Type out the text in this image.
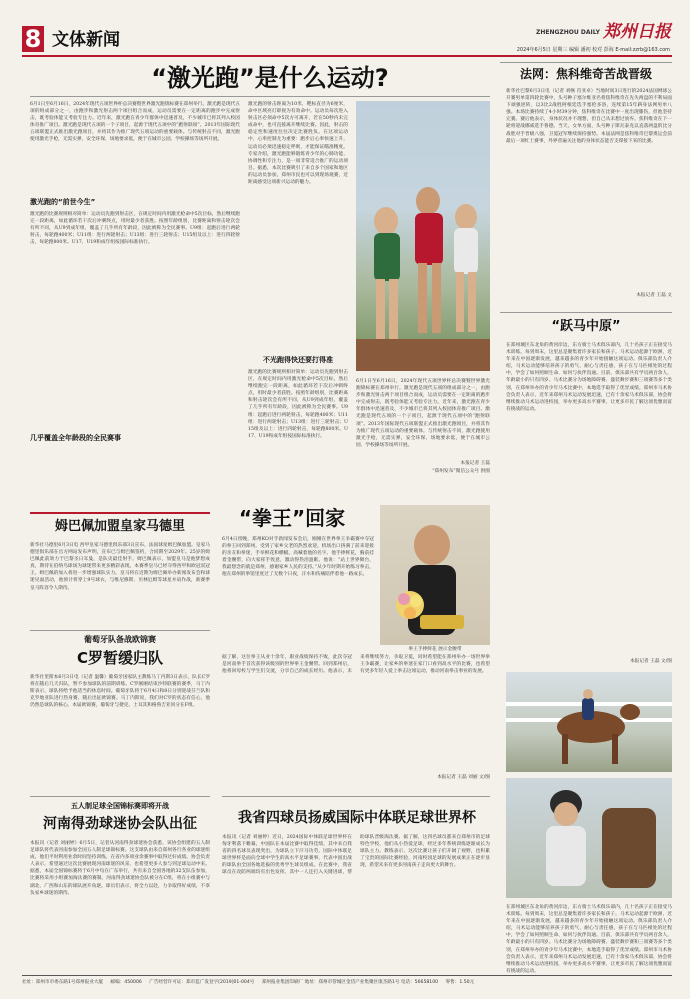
8 文体新闻	ZHENGZHOU DAILY 郑州日报
2024年6月5日 星期三 编辑 潘初 校对 彭海 E-mail:zzrb@163.com
“激光跑”是什么运动?
6月1日至6月16日，2024年现代五项世界杯总决赛暨世界激光跑锦标赛在郑州举行。激光跑是现代五项的组成部分之一，由跑步和激光射击两个项目组合而成，运动员需要在一定距离的跑步中完成射击，既考验体能又考验专注力。近年来，激光跑在青少年群体中迅速普及，不少城市已将其列入校园体育推广项目。激光跑是现代五项的一个子项目，起源于现代五项中的“跑射联项”。2013年国际现代五项联盟正式推出激光跑项目，并将其作为推广现代五项运动的重要载体。与传统射击不同，激光跑使用激光手枪，无需实弹，安全环保，场地要求低，便于在城市公园、学校操场等场所开展。
激光跑的“前世今生”
激光跑的比赛规则相对简单：运动员先跑到射击区，在规定时间内用激光枪命中5次目标，然后继续跑完一段距离，如此循环若干次后冲刺终点，用时最少者获胜。按照年龄组别，比赛距离和射击轮次会有所不同，从U9到成年组，覆盖了几乎所有年龄段，因此被称为全民赛事。U9组：起跑后进行两轮射击，每轮跑400米；U11组：进行两轮射击；U13组：进行三轮射击；U15组及以上：进行四轮射击，每轮跑800米。U17、U19和成年组按国际标准执行。
几乎覆盖全年龄段的全民赛事
激光跑的射击距离为10米，靶标直径为6厘米，命中区域亮灯即视为有效命中。运动员每次进入射击区必须命中5次方可离开，若在50秒内未完成命中，也可直接离开继续比赛。因此，射击的稳定性和速度往往决定比赛胜负。在这项运动中，心率控制尤为重要：跑步后心率快速上升，运动员必须迅速稳定呼吸，才能保证瞄准精度。专家介绍，激光跑能够锻炼青少年的心肺功能、协调性和专注力，是一项非常适合推广的运动项目。据悉，本次比赛吸引了来自多个国家和地区的运动员参加，郑州市民也可以到现场观赛，近距离感受这项新兴运动的魅力。
不光跑得快还要打得准
激光跑的比赛规则相对简单：运动员先跑到射击区，在规定时间内用激光枪命中5次目标，然后继续跑完一段距离，如此循环若干次后冲刺终点，用时最少者获胜。按照年龄组别，比赛距离和射击轮次会有所不同，从U9到成年组，覆盖了几乎所有年龄段，因此被称为全民赛事。U9组：起跑后进行两轮射击，每轮跑400米；U11组：进行两轮射击；U13组：进行三轮射击；U15组及以上：进行四轮射击，每轮跑800米。U17、U19和成年组按国际标准执行。
6月1日至6月16日，2024年现代五项世界杯总决赛暨世界激光跑锦标赛在郑州举行。激光跑是现代五项的组成部分之一，由跑步和激光射击两个项目组合而成，运动员需要在一定距离的跑步中完成射击，既考验体能又考验专注力。近年来，激光跑在青少年群体中迅速普及，不少城市已将其列入校园体育推广项目。激光跑是现代五项的一个子项目，起源于现代五项中的“跑射联项”。2013年国际现代五项联盟正式推出激光跑项目，并将其作为推广现代五项运动的重要载体。与传统射击不同，激光跑使用激光手枪，无需实弹，安全环保，场地要求低，便于在城市公园、学校操场等场所开展。
本报记者 王磊
“郑州发布”微信公众号 供图
法网：焦科维奇苦战晋级
新华社巴黎6月3日电（记者 刘畅 肖亚卓）当地时间3日进行的2024法国网球公开赛男单第四轮比赛中，头号种子塞尔维亚名将焦科维奇在先失两盘的不利局面下顽强逆转，以3比2战胜阿根廷选手塞伦多洛，连续第15年跻身法网男单八强。本场比赛持续了4小时39分钟，焦科维奇在比赛中一度出现膝伤，但他坚持完赛。赛后他表示，身体状况并不理想，但自己从未想过放弃。焦科维奇在下一轮将迎战挪威选手鲁德。当天，女单方面，头号种子斯瓦泰克以直落两盘的比分战胜对手晋级八强，卫冕冠军继续保持强势。本届法网是焦科维奇巴黎奥运会前最后一项红土赛事，外界普遍关注他的身体状态能否支撑接下来的比赛。
本报记者 王磊 文
“跃马中原”
在郑州城区东北角的黄河岸边，东方骑士马术俱乐部内，几十名孩子正在接受马术训练。每到周末，这里总是聚集着许多家长和孩子。马术运动起源于欧洲，近年来在中国逐渐发展，越来越多的青少年开始接触这项运动。俱乐部负责人介绍，马术运动能够培养孩子的勇气、耐心与责任感，孩子在与马匹相处的过程中，学会了如何照顾生命、如何与伙伴沟通。目前，俱乐部共有学员两百余人，年龄最小的只有四岁。马术比赛分为场地障碍赛、盛装舞步赛和三项赛等多个类别，在郑州举办的青少年马术比赛中，本地选手取得了优异成绩。郑州市马术协会负责人表示，近年来郑州马术运动发展迅速，已有十余家马术俱乐部，协会将继续推动马术运动进校园，举办更多高水平赛事，让更多市民了解这项优雅而富有挑战的运动。
本报记者 王磊 文/图
姆巴佩加盟皇家马德里
新华社马德里6月3日电 西甲皇家马德里俱乐部3日宣布，法国球星姆巴佩加盟。皇家马德里俱乐部在官方网站发布声明，宣布已与姆巴佩签约，合同期至2029年。25岁的姆巴佩此前效力于巴黎圣日耳曼，是队史最佳射手。姆巴佩表示，加盟皇马是他梦想成真，期待在伯纳乌球场为球迷带来更多精彩表现。本赛季皇马已经夺得西甲和欧冠双冠王，姆巴佩的加入将进一步增强球队实力。皇马将在近期为姆巴佩举办新闻发布会和球迷见面活动，他预计将穿上9号球衣，与维尼修斯、贝林厄姆等球星并肩作战，新赛季皇马阵容令人期待。
葡萄牙队备战欧锦赛
C罗暂缓归队
新华社里斯本6月3日电（记者 温馨）葡萄牙国家队主教练马丁内斯3日表示，队长C罗将在随后几天归队，暂不参加球队的前期训练。C罗刚刚结束沙特联赛的赛季，马丁内斯表示，球队将给予他适当的休息时间。葡萄牙队将于6月4日和8日分别迎战芬兰队和克罗地亚队进行热身赛，随后出征欧锦赛。马丁内斯说，我们对C罗的状态有信心，他仍然是球队的核心。本届欧锦赛，葡萄牙与捷克、土耳其和格鲁吉亚同分在F组。
“拳王”回家
6月4日傍晚，郑州KO对手新闻发布会后，刚刚在世界拳王争霸赛中夺冠的拳王回到郑州，受到了家乡父老的热烈欢迎。机场出口挤满了前来迎接的亲友和拳迷，手举鲜花和横幅，高喊着他的名字。他手捧鲜花，胸前挂着金腰带，向大家挥手致意，激动得热泪盈眶。他说：“站上世界舞台，我最想念的就是郑州，感谢家乡人民的支持。”从少年时期开始练习拳击，他在郑州的拳馆里度过了无数个日夜，汗水和伤痛陪伴着他一路成长。
拳王手捧鲜花 展示金腰带
据了解，这位拳王从业十余年，职业战绩保持不败，此次夺冠是河南拳手首次获得该级别的世界拳王金腰带。回到郑州后，他将回母校与学生们交流，分享自己的成长经历。他表示，未来将继续努力，争取卫冕，同时希望能在郑州举办一场世界拳王争霸赛，让家乡的拳迷在家门口看到高水平的比赛，也希望有更多年轻人爱上拳击这项运动，推动河南拳击事业的发展。
本报记者 王磊 刘丽 文/图
五人制足球全国锦标赛即将开战
河南得劲球迷协会队出征
本报讯（记者 刘丽婷）6月5日，记者从河南得劲球迷协会获悉，该协会组建的五人制足球队将代表河南参加全国五人制足球锦标赛。这支球队由来自郑州各行各业的球迷组成，他们平时利用业余时间坚持训练，在省内多项业余赛事中取得过好成绩。协会负责人表示，希望通过这次比赛展现河南球迷的风采，也希望更多人参与到足球运动中来。据悉，本届全国锦标赛将于6月中旬在广东举行，共有来自全国各地的32支队伍参加，比赛将采用小组赛加淘汰赛的赛制。河南得劲球迷协会队被分在C组，将在小组赛中与湖北、广西和山东的球队展开角逐。球员们表示，将全力以赴，力争取得好成绩，不辜负家乡球迷的期待。
我省四球员扬威国际中体联足球世界杯
本报讯（记者 刘丽婷）近日，2024国际中体联足球世界杯在匈牙利落下帷幕，中国队在本届比赛中取得佳绩，其中来自我省的四名球员表现突出，为球队立下汗马功劳。国际中体联足球世界杯是面向全球中学生的高水平足球赛事，代表中国出战的球队由全国各地选拔的优秀学生球员组成。在比赛中，我省球员在攻防两端均有出色发挥，其中一人还打入关键进球，帮助球队晋级淘汰赛。据了解，这四名球员都来自郑州市的足球特色学校，他们从小热爱足球，经过多年系统训练逐渐成长为球队主力。教练表示，这次比赛让孩子们开阔了视野，也积累了宝贵的国际比赛经验，河南校园足球的发展成果正在逐步显现，希望未来有更多河南孩子走向更大的舞台。
在郑州城区东北角的黄河岸边，东方骑士马术俱乐部内，几十名孩子正在接受马术训练。每到周末，这里总是聚集着许多家长和孩子。马术运动起源于欧洲，近年来在中国逐渐发展，越来越多的青少年开始接触这项运动。俱乐部负责人介绍，马术运动能够培养孩子的勇气、耐心与责任感，孩子在与马匹相处的过程中，学会了如何照顾生命、如何与伙伴沟通。目前，俱乐部共有学员两百余人，年龄最小的只有四岁。马术比赛分为场地障碍赛、盛装舞步赛和三项赛等多个类别，在郑州举办的青少年马术比赛中，本地选手取得了优异成绩。郑州市马术协会负责人表示，近年来郑州马术运动发展迅速，已有十余家马术俱乐部，协会将继续推动马术运动进校园，举办更多高水平赛事，让更多市民了解这项优雅而富有挑战的运动。
社址：郑州市市委东路1号郑州报业大厦 邮编：450006 广告经营许可证：郑市监广发登字[2019]01-004号 郑州报业集团印刷厂 地址：郑州市管城区金岱产业集聚区康杰路1号 电话：56658100 零售：1.50元
